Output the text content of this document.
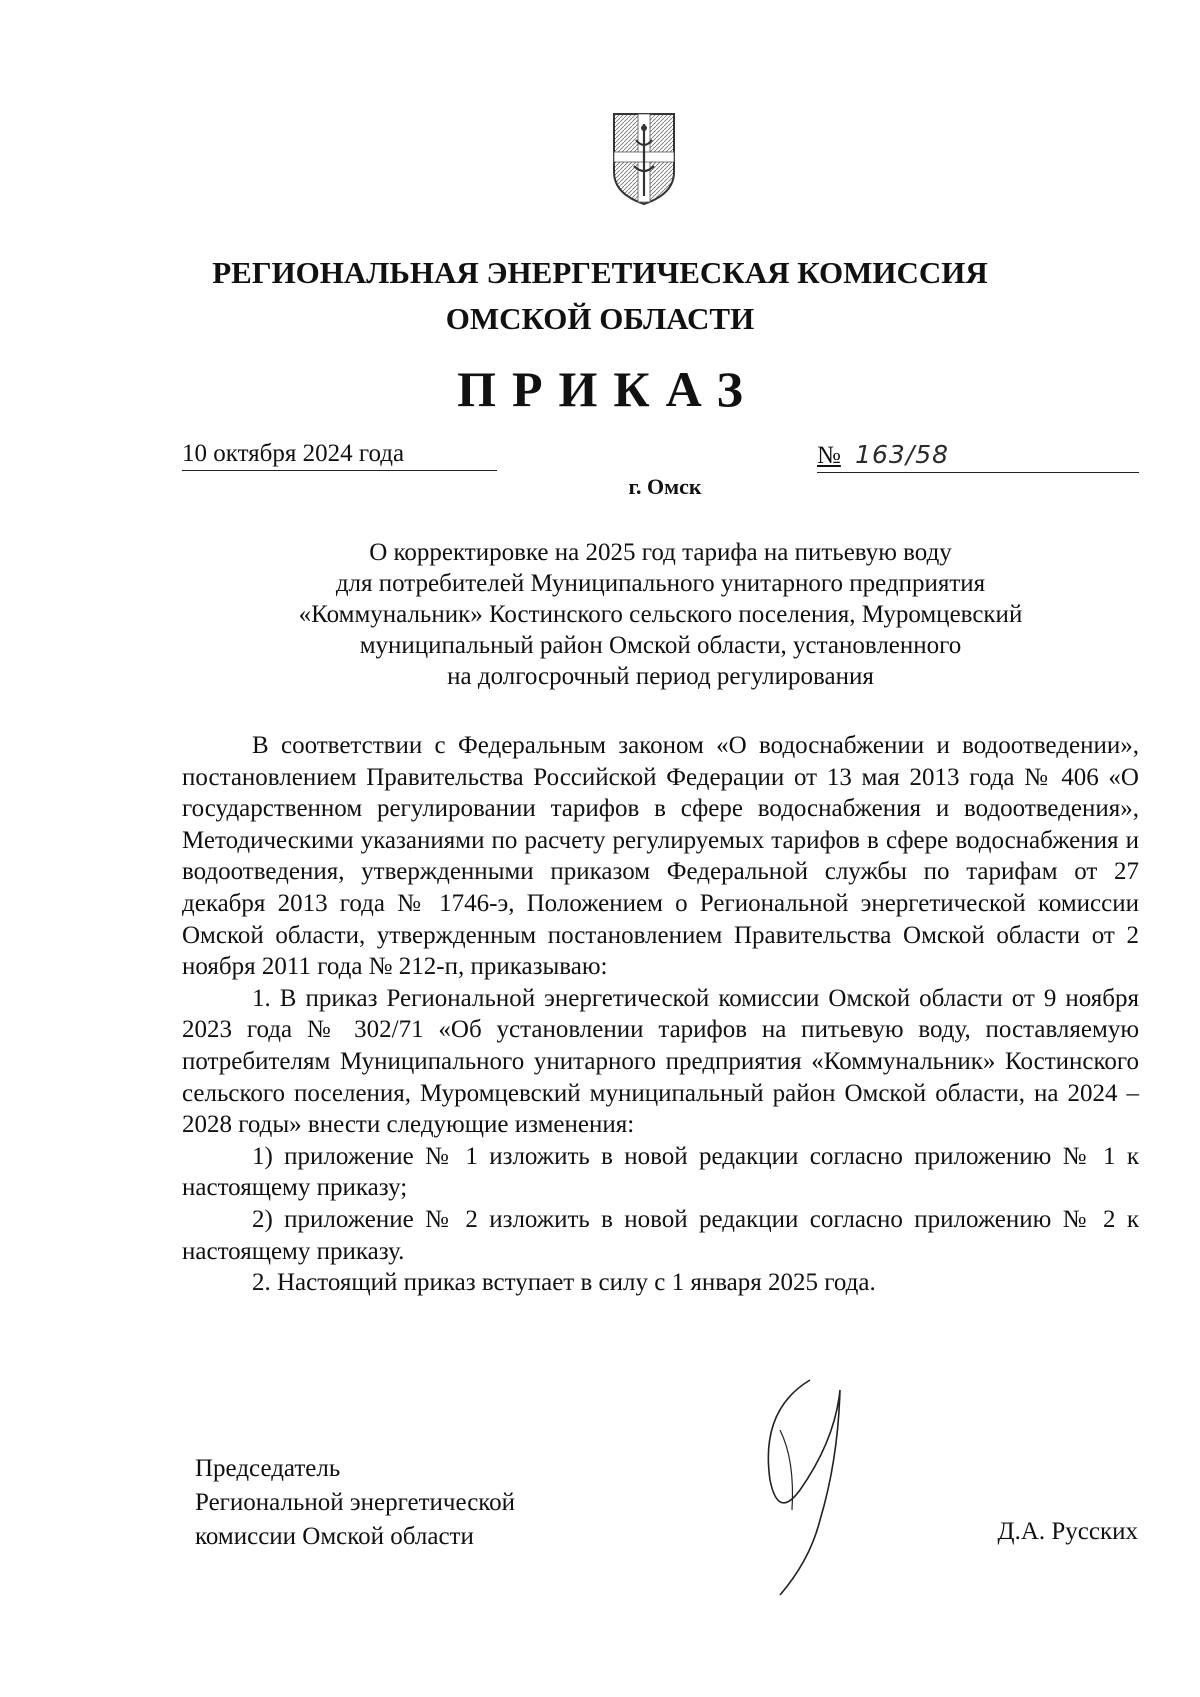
РЕГИОНАЛЬНАЯ ЭНЕРГЕТИЧЕСКАЯ КОМИССИЯ
ОМСКОЙ ОБЛАСТИ
ПРИКАЗ
10 октября 2024 года	№ 163/58
г. Омск
О корректировке на 2025 год тарифа на питьевую воду
для потребителей Муниципального унитарного предприятия
«Коммунальник» Костинского сельского поселения, Муромцевский
муниципальный район Омской области, установленного
на долгосрочный период регулирования

В соответствии с Федеральным законом «О водоснабжении и водоотведении», постановлением Правительства Российской Федерации от 13 мая 2013 года № 406 «О государственном регулировании тарифов в сфере водоснабжения и водоотведения», Методическими указаниями по расчету регулируемых тарифов в сфере водоснабжения и водоотведения, утвержденными приказом Федеральной службы по тарифам от 27 декабря 2013 года № 1746-э, Положением о Региональной энергетической комиссии Омской области, утвержденным постановлением Правительства Омской области от 2 ноября 2011 года № 212-п, приказываю:

1. В приказ Региональной энергетической комиссии Омской области от 9 ноября 2023 года № 302/71 «Об установлении тарифов на питьевую воду, поставляемую потребителям Муниципального унитарного предприятия «Коммунальник» Костинского сельского поселения, Муромцевский муниципальный район Омской области, на 2024 – 2028 годы» внести следующие изменения:

1) приложение № 1 изложить в новой редакции согласно приложению № 1 к настоящему приказу;

2) приложение № 2 изложить в новой редакции согласно приложению № 2 к настоящему приказу.

2. Настоящий приказ вступает в силу с 1 января 2025 года.

Председатель
Региональной энергетической
комиссии Омской области	Д.А. Русских
